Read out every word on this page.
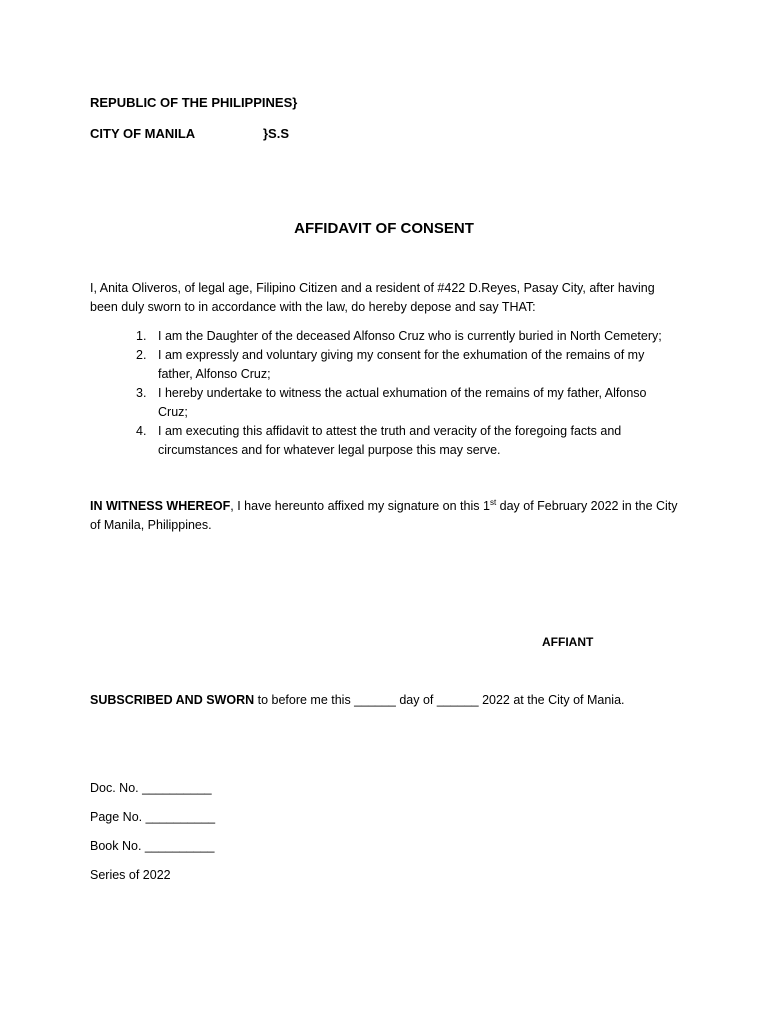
REPUBLIC OF THE PHILIPPINES}
CITY OF MANILA	}S.S
AFFIDAVIT OF CONSENT
I, Anita Oliveros, of legal age, Filipino Citizen and a resident of #422 D.Reyes, Pasay City, after having been duly sworn to in accordance with the law, do hereby depose and say THAT:
1. I am the Daughter of the deceased Alfonso Cruz who is currently buried in North Cemetery;
2. I am expressly and voluntary giving my consent for the exhumation of the remains of my father, Alfonso Cruz;
3. I hereby undertake to witness the actual exhumation of the remains of my father, Alfonso Cruz;
4. I am executing this affidavit to attest the truth and veracity of the foregoing facts and circumstances and for whatever legal purpose this may serve.
IN WITNESS WHEREOF, I have hereunto affixed my signature on this 1st day of February 2022 in the City of Manila, Philippines.
AFFIANT
SUBSCRIBED AND SWORN to before me this ______ day of ______ 2022 at the City of Mania.
Doc. No. __________
Page No. __________
Book No. __________
Series of 2022
